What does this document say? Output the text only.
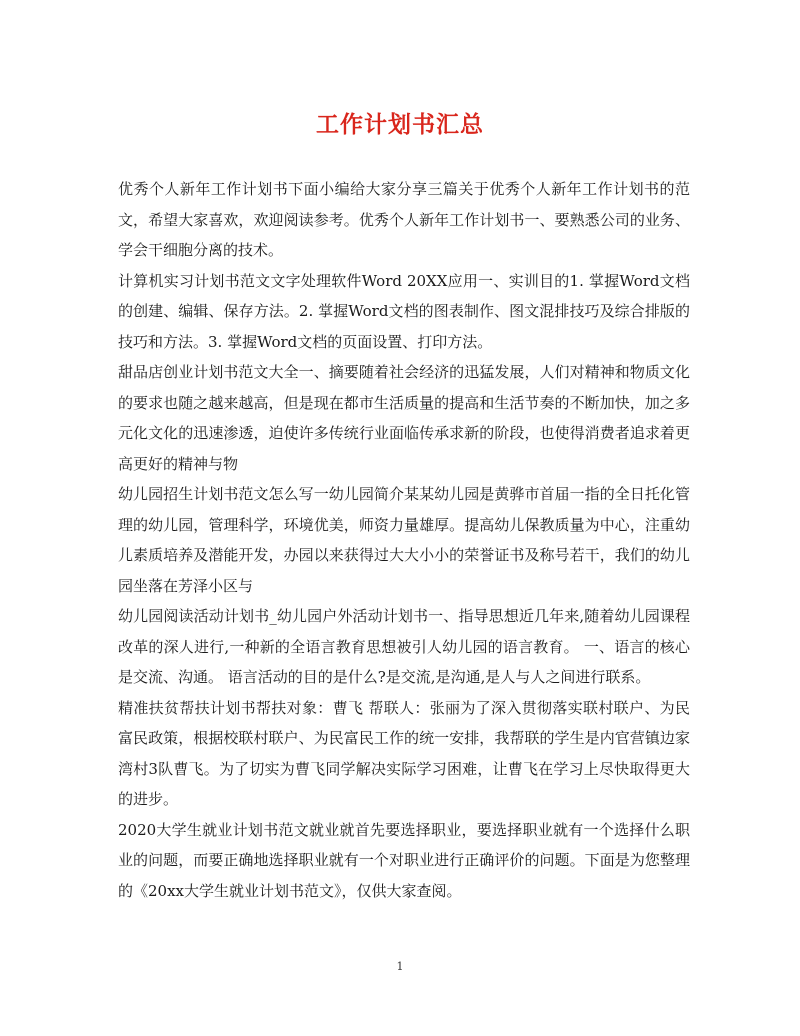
工作计划书汇总

优秀个人新年工作计划书下面小编给大家分享三篇关于优秀个人新年工作计划书的范文，希望大家喜欢，欢迎阅读参考。优秀个人新年工作计划书一、要熟悉公司的业务、学会干细胞分离的技术。

计算机实习计划书范文文字处理软件Word 20XX应用一、实训目的1. 掌握Word文档的创建、编辑、保存方法。2. 掌握Word文档的图表制作、图文混排技巧及综合排版的技巧和方法。3. 掌握Word文档的页面设置、打印方法。

甜品店创业计划书范文大全一、摘要随着社会经济的迅猛发展，人们对精神和物质文化的要求也随之越来越高，但是现在都市生活质量的提高和生活节奏的不断加快，加之多元化文化的迅速渗透，迫使许多传统行业面临传承求新的阶段，也使得消费者追求着更高更好的精神与物

幼儿园招生计划书范文怎么写一幼儿园简介某某幼儿园是黄骅市首届一指的全日托化管理的幼儿园，管理科学，环境优美，师资力量雄厚。提高幼儿保教质量为中心，注重幼儿素质培养及潜能开发，办园以来获得过大大小小的荣誉证书及称号若干，我们的幼儿园坐落在芳泽小区与

幼儿园阅读活动计划书_幼儿园户外活动计划书一、指导思想近几年来,随着幼儿园课程改革的深人进行,一种新的全语言教育思想被引人幼儿园的语言教育。 一、语言的核心是交流、沟通。 语言活动的目的是什么?是交流,是沟通,是人与人之间进行联系。

精准扶贫帮扶计划书帮扶对象：曹飞 帮联人：张丽为了深入贯彻落实联村联户、为民富民政策，根据校联村联户、为民富民工作的统一安排，我帮联的学生是内官营镇边家湾村3队曹飞。为了切实为曹飞同学解决实际学习困难，让曹飞在学习上尽快取得更大的进步。

2020大学生就业计划书范文就业就首先要选择职业，要选择职业就有一个选择什么职业的问题，而要正确地选择职业就有一个对职业进行正确评价的问题。下面是为您整理的《20xx大学生就业计划书范文》，仅供大家查阅。

1
